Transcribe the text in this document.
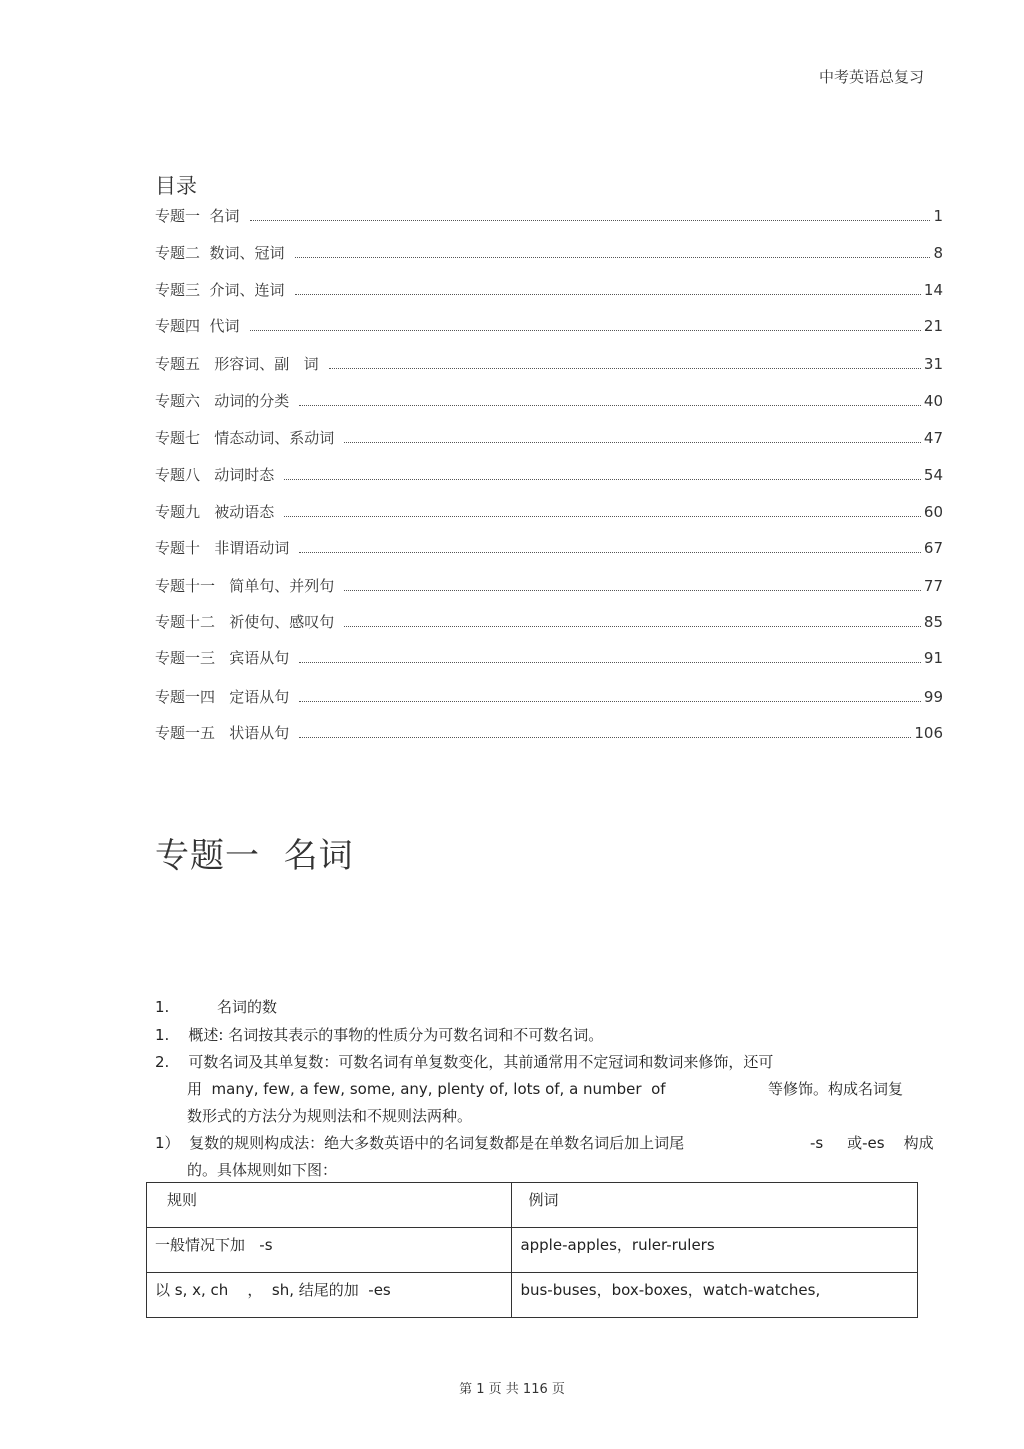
中考英语总复习
目录
专题一  名词	1
专题二  数词、冠词	8
专题三  介词、连词	14
专题四  代词	21
专题五   形容词、副   词	31
专题六   动词的分类	40
专题七   情态动词、系动词	47
专题八   动词时态	54
专题九   被动语态	60
专题十   非谓语动词	67
专题十一   简单句、并列句	77
专题十二   祈使句、感叹句	85
专题一三   宾语从句	91
专题一四   定语从句	99
专题一五   状语从句	106
专题一  名词
1.          名词的数
1.    概述: 名词按其表示的事物的性质分为可数名词和不可数名词。
2.    可数名词及其单复数：可数名词有单复数变化，其前通常用不定冠词和数词来修饰，还可
用  many, few, a few, some, any, plenty of, lots of, a number  of	等修饰。构成名词复
数形式的方法分为规则法和不规则法两种。
1）  复数的规则构成法：绝大多数英语中的名词复数都是在单数名词后加上词尾	-s     或-es    构成
的。具体规则如下图：
规则	例词

一般情况下加   -s	apple-apples，ruler-rulers

以 s, x, ch    ，  sh, 结尾的加  -es	bus-buses，box-boxes，watch-watches,
第 1 页 共 116 页
